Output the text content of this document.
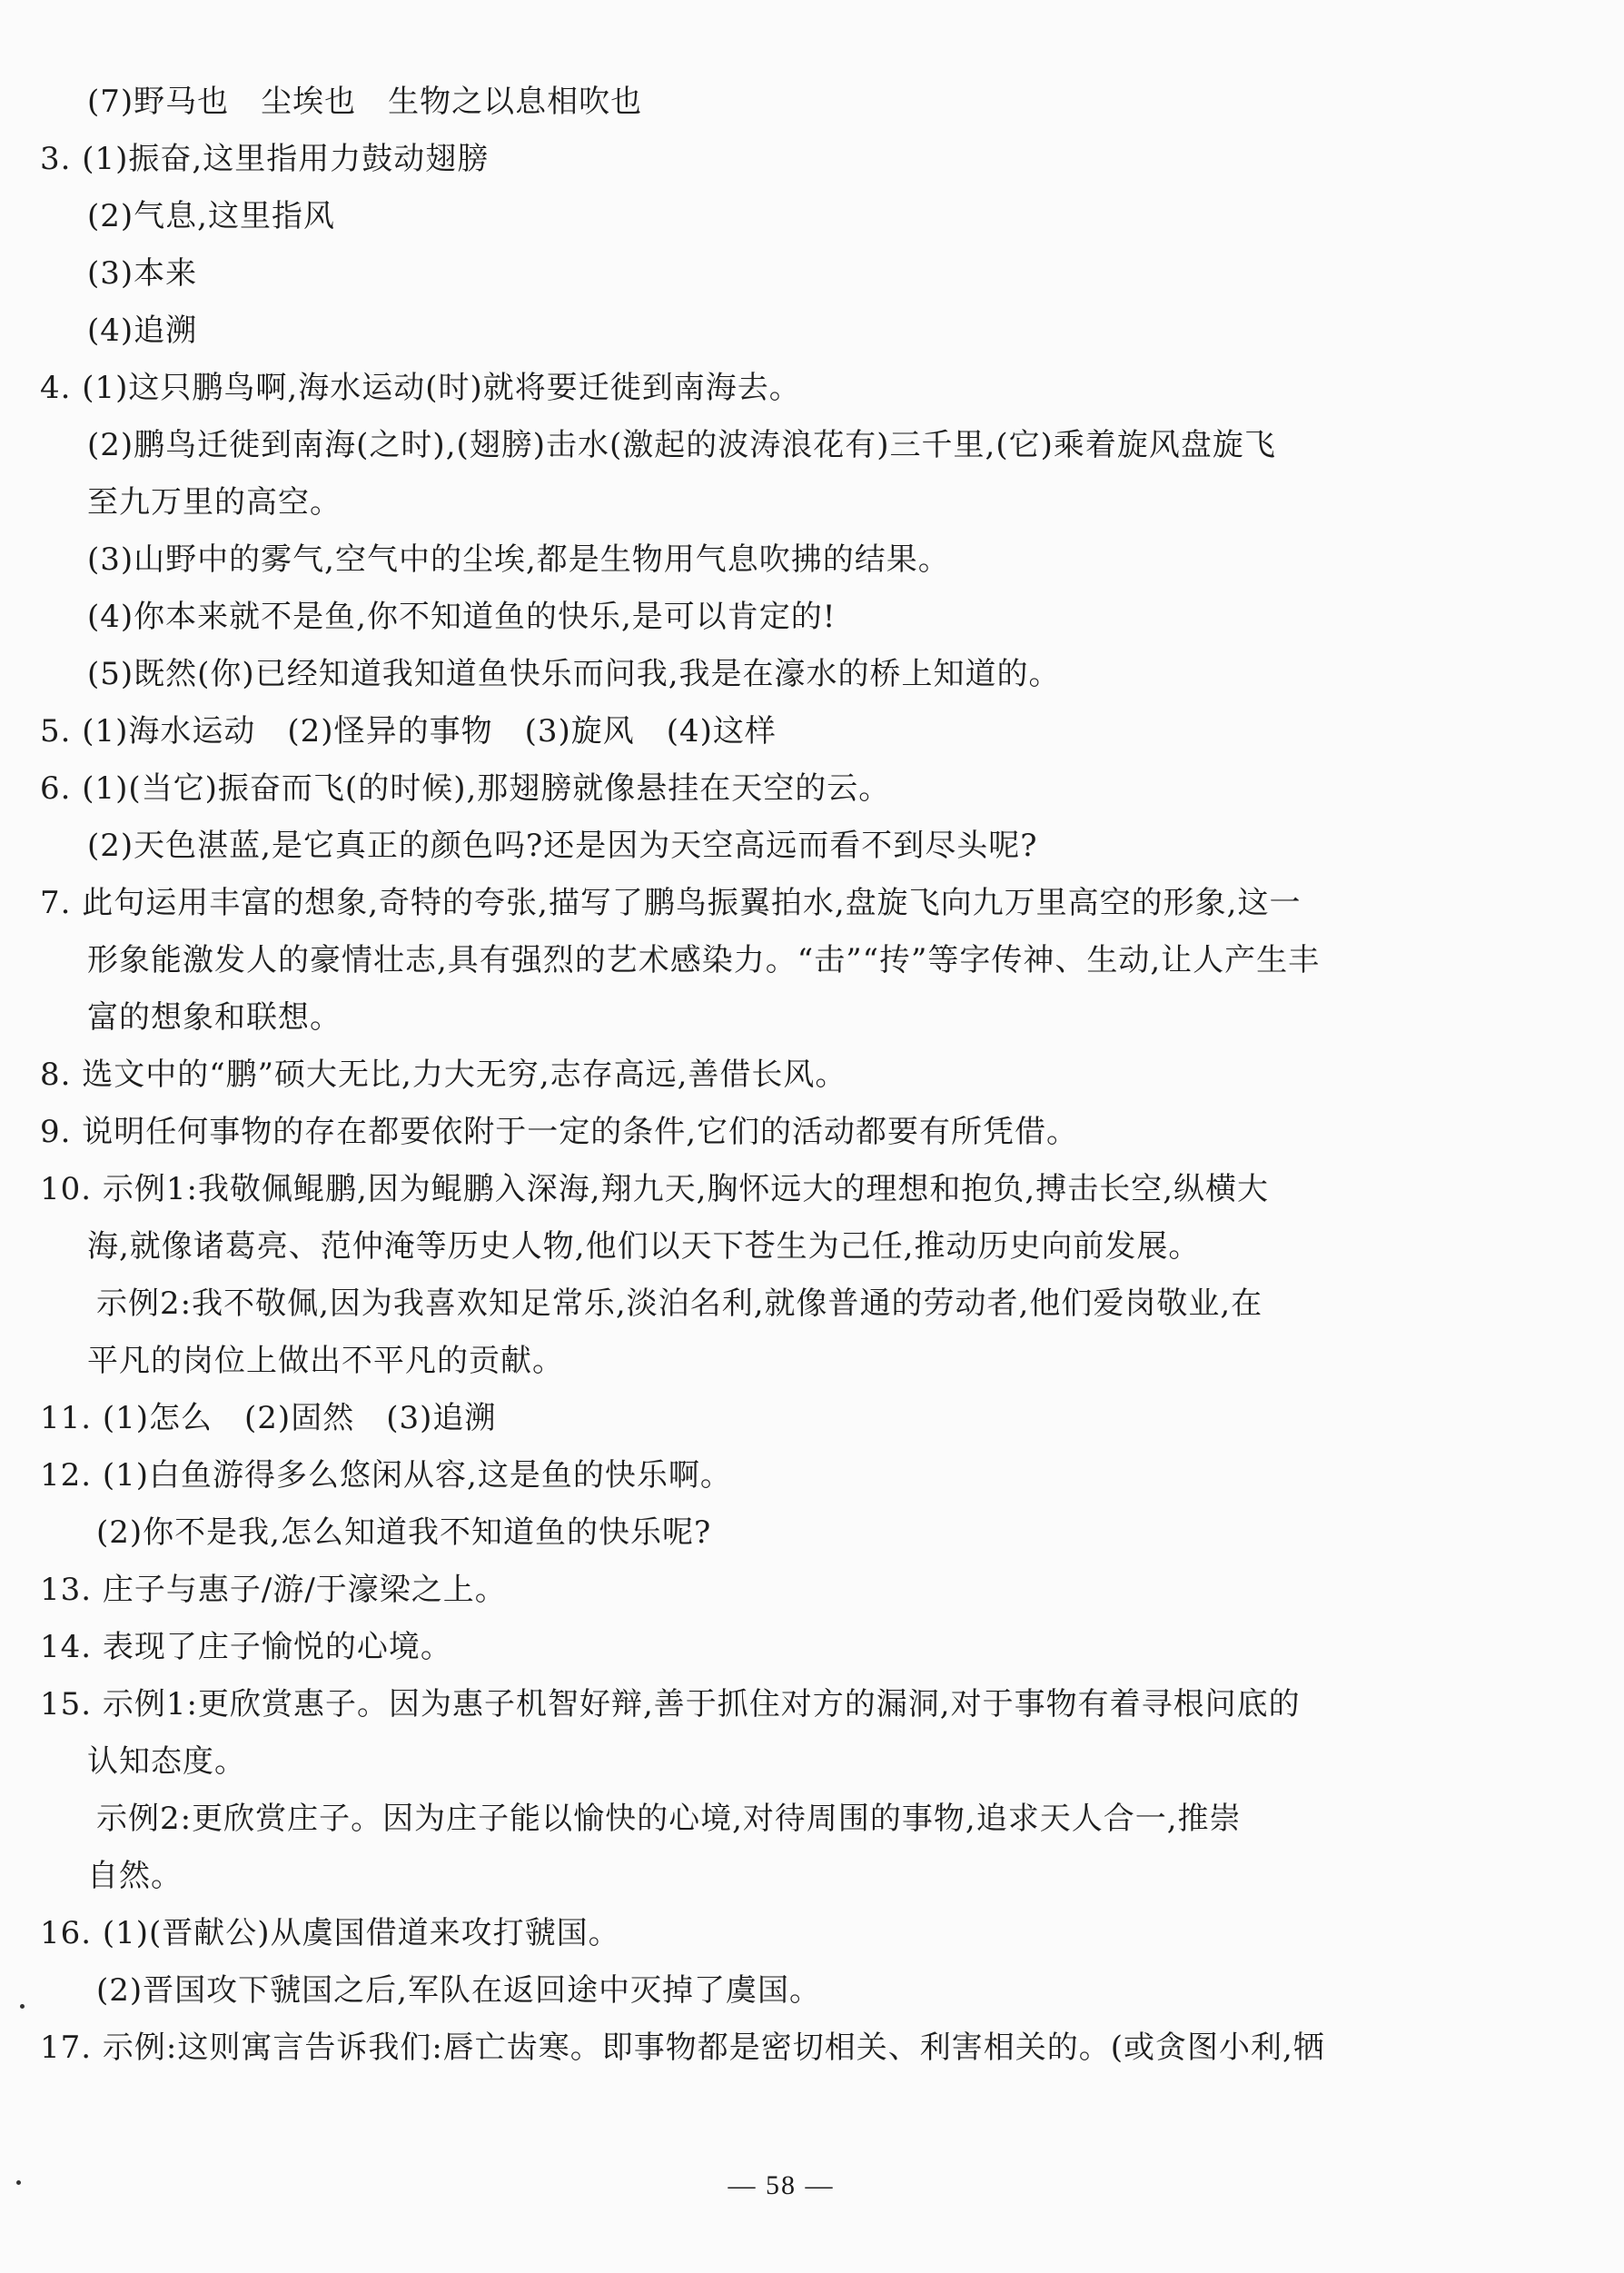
(7)野马也　尘埃也　生物之以息相吹也
3. (1)振奋,这里指用力鼓动翅膀
(2)气息,这里指风
(3)本来
(4)追溯
4. (1)这只鹏鸟啊,海水运动(时)就将要迁徙到南海去。
(2)鹏鸟迁徙到南海(之时),(翅膀)击水(激起的波涛浪花有)三千里,(它)乘着旋风盘旋飞
至九万里的高空。
(3)山野中的雾气,空气中的尘埃,都是生物用气息吹拂的结果。
(4)你本来就不是鱼,你不知道鱼的快乐,是可以肯定的!
(5)既然(你)已经知道我知道鱼快乐而问我,我是在濠水的桥上知道的。
5. (1)海水运动　(2)怪异的事物　(3)旋风　(4)这样
6. (1)(当它)振奋而飞(的时候),那翅膀就像悬挂在天空的云。
(2)天色湛蓝,是它真正的颜色吗?还是因为天空高远而看不到尽头呢?
7. 此句运用丰富的想象,奇特的夸张,描写了鹏鸟振翼拍水,盘旋飞向九万里高空的形象,这一
形象能激发人的豪情壮志,具有强烈的艺术感染力。“击”“抟”等字传神、生动,让人产生丰
富的想象和联想。
8. 选文中的“鹏”硕大无比,力大无穷,志存高远,善借长风。
9. 说明任何事物的存在都要依附于一定的条件,它们的活动都要有所凭借。
10. 示例1:我敬佩鲲鹏,因为鲲鹏入深海,翔九天,胸怀远大的理想和抱负,搏击长空,纵横大
海,就像诸葛亮、范仲淹等历史人物,他们以天下苍生为己任,推动历史向前发展。
示例2:我不敬佩,因为我喜欢知足常乐,淡泊名利,就像普通的劳动者,他们爱岗敬业,在
平凡的岗位上做出不平凡的贡献。
11. (1)怎么　(2)固然　(3)追溯
12. (1)白鱼游得多么悠闲从容,这是鱼的快乐啊。
(2)你不是我,怎么知道我不知道鱼的快乐呢?
13. 庄子与惠子/游/于濠梁之上。
14. 表现了庄子愉悦的心境。
15. 示例1:更欣赏惠子。因为惠子机智好辩,善于抓住对方的漏洞,对于事物有着寻根问底的
认知态度。
示例2:更欣赏庄子。因为庄子能以愉快的心境,对待周围的事物,追求天人合一,推崇
自然。
16. (1)(晋献公)从虞国借道来攻打虢国。
(2)晋国攻下虢国之后,军队在返回途中灭掉了虞国。
17. 示例:这则寓言告诉我们:唇亡齿寒。即事物都是密切相关、利害相关的。(或贪图小利,牺
— 58 —
